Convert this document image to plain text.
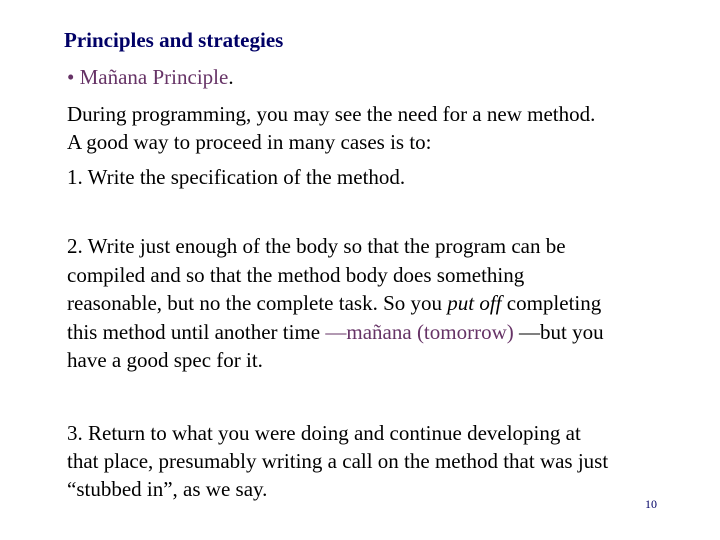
Principles and strategies
• Mañana Principle.
During programming, you may see the need for a new method.
A good way to proceed in many cases is to:
1. Write the specification of the method.
2. Write just enough of the body so that the program can be
compiled and so that the method body does something
reasonable, but no the complete task. So you put off completing
this method until another time —mañana (tomorrow) —but you
have a good spec for it.
3. Return to what you were doing and continue developing at
that place, presumably writing a call on the method that was just
“stubbed in”, as we say.
10
